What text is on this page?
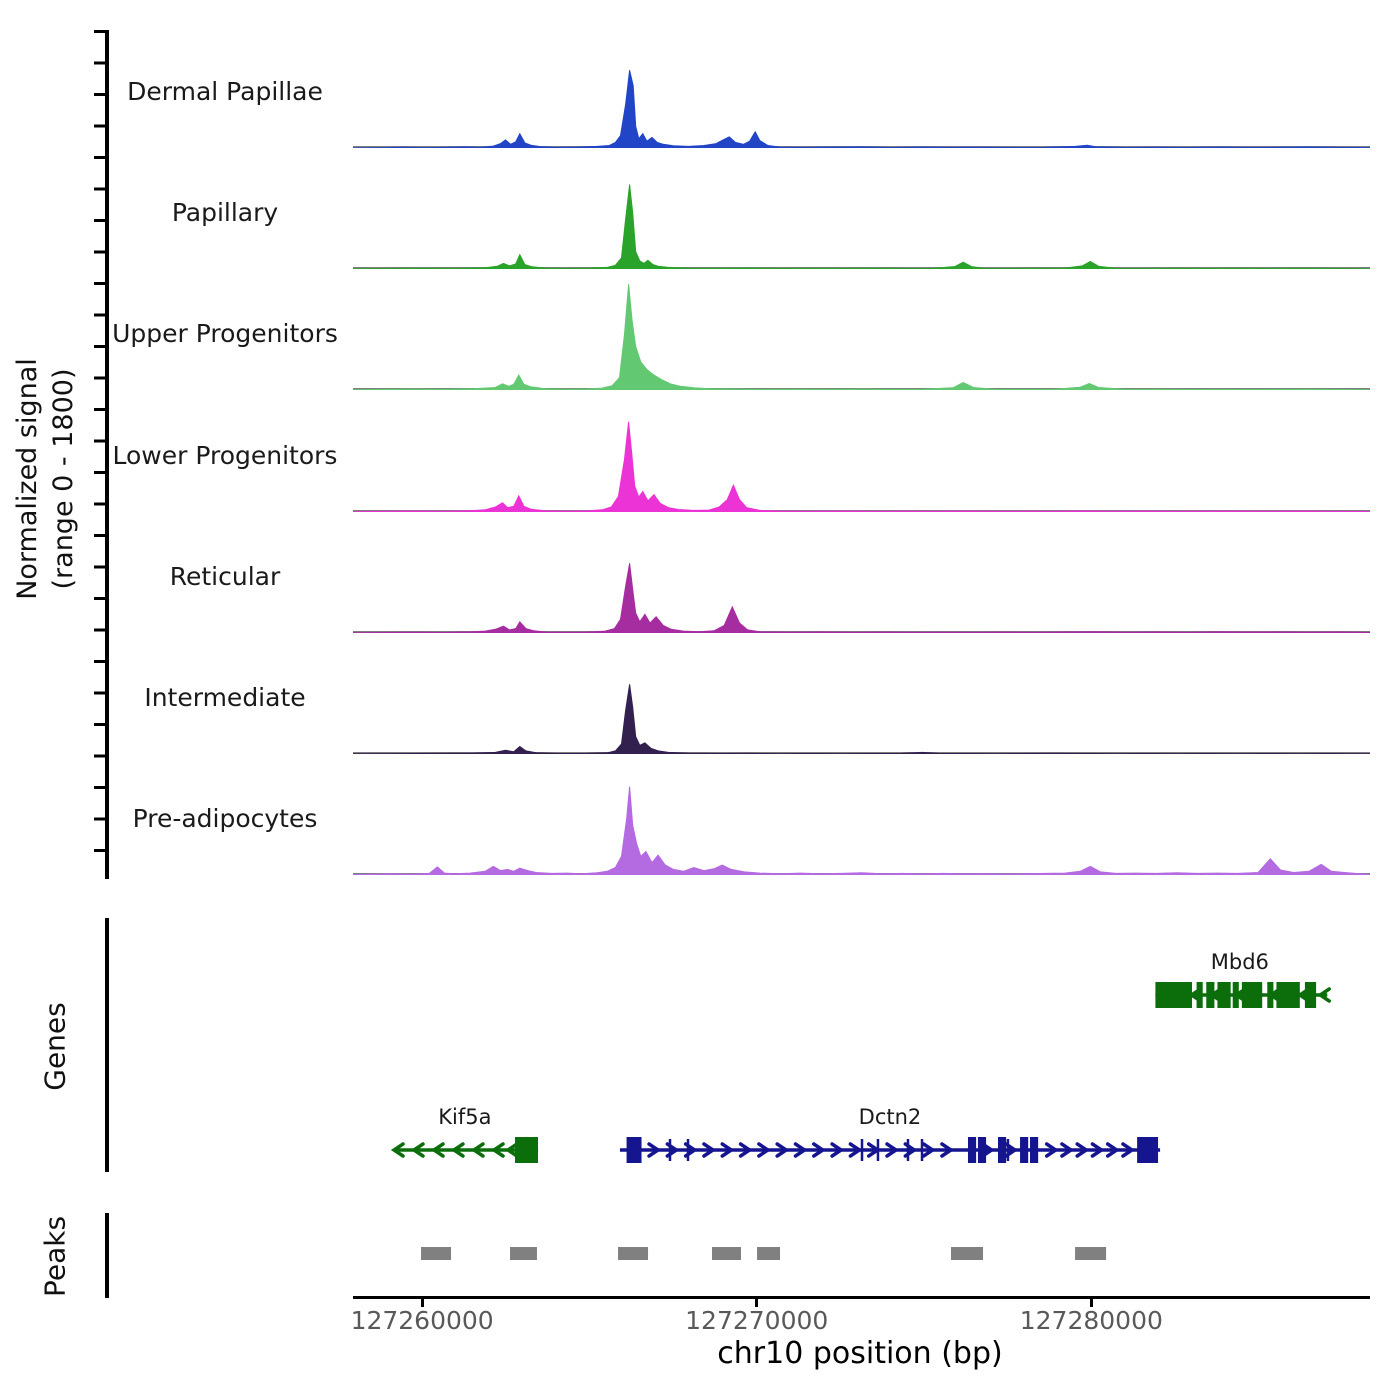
Normalized signal (range 0 - 1800)
Genes
Peaks
127260000	127270000	127280000
chr10 position (bp)
Dermal Papillae
Papillary
Upper Progenitors
Lower Progenitors
Reticular
Intermediate
Pre-adipocytes
Mbd6
Kif5a	Dctn2
